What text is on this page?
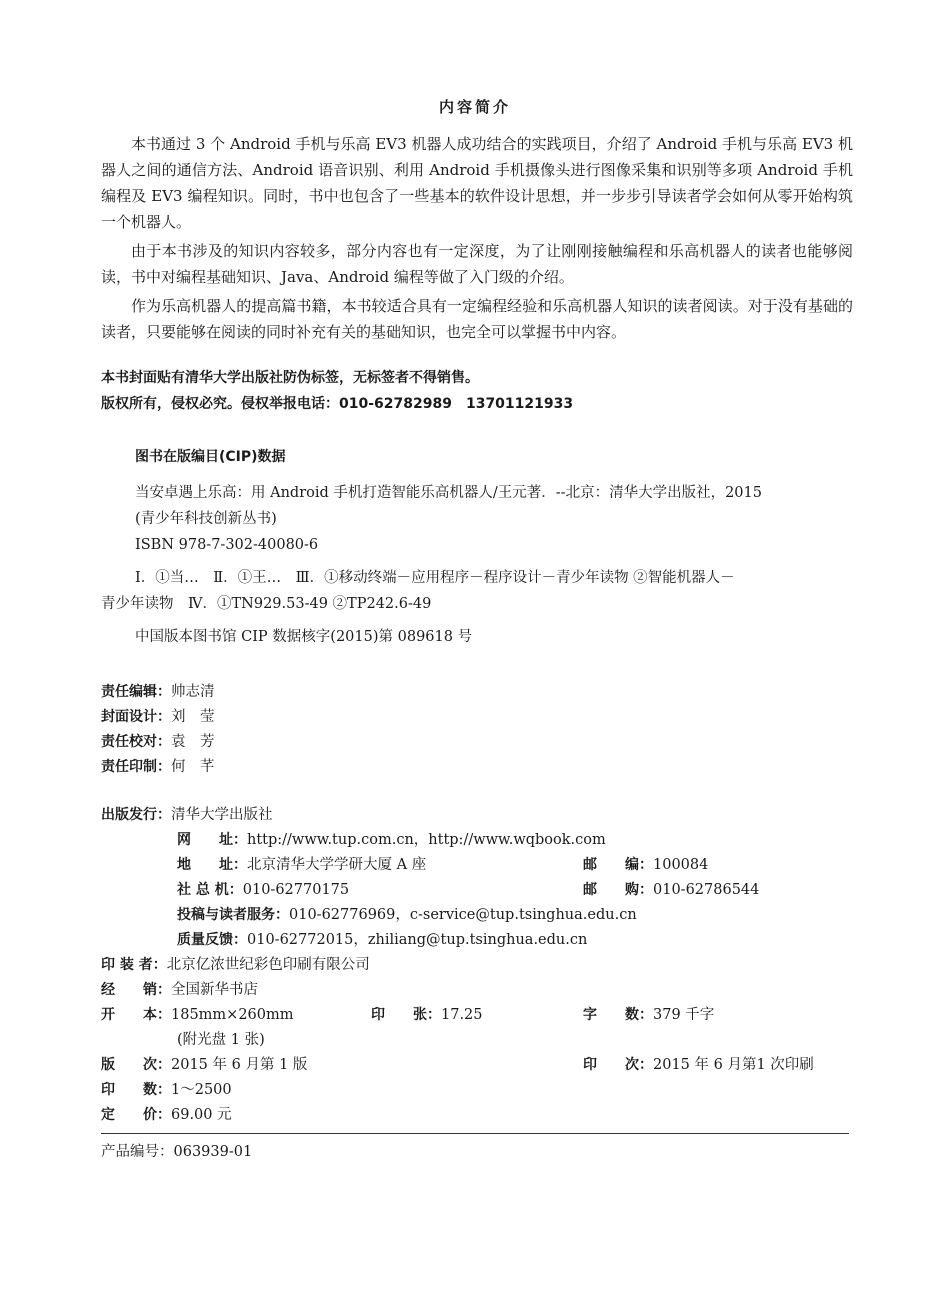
内容简介

本书通过 3 个 Android 手机与乐高 EV3 机器人成功结合的实践项目，介绍了 Android 手机与乐高 EV3 机器人之间的通信方法、Android 语音识别、利用 Android 手机摄像头进行图像采集和识别等多项 Android 手机编程及 EV3 编程知识。同时，书中也包含了一些基本的软件设计思想，并一步步引导读者学会如何从零开始构筑一个机器人。

由于本书涉及的知识内容较多，部分内容也有一定深度，为了让刚刚接触编程和乐高机器人的读者也能够阅读，书中对编程基础知识、Java、Android 编程等做了入门级的介绍。

作为乐高机器人的提高篇书籍，本书较适合具有一定编程经验和乐高机器人知识的读者阅读。对于没有基础的读者，只要能够在阅读的同时补充有关的基础知识，也完全可以掌握书中内容。

本书封面贴有清华大学出版社防伪标签，无标签者不得销售。
版权所有，侵权必究。侵权举报电话：010-62782989　13701121933
图书在版编目(CIP)数据
当安卓遇上乐高：用 Android 手机打造智能乐高机器人/王元著．--北京：清华大学出版社，2015
(青少年科技创新丛书)
ISBN 978-7-302-40080-6
Ⅰ．①当…　Ⅱ．①王…　Ⅲ．①移动终端－应用程序－程序设计－青少年读物 ②智能机器人－
青少年读物　Ⅳ．①TN929.53-49 ②TP242.6-49
中国版本图书馆 CIP 数据核字(2015)第 089618 号
责任编辑 ： 帅志清
封面设计 ： 刘　莹
责任校对 ： 袁　芳
责任印制 ： 何　芊
出版发行 ： 清华大学出版社
网　　址 ： http://www.tup.com.cn，http://www.wqbook.com
地　　址 ： 北京清华大学学研大厦 A 座	邮　　编 ： 100084
社 总 机 ： 010-62770175	邮　　购 ： 010-62786544
投稿与读者服务 ： 010-62776969，c-service@tup.tsinghua.edu.cn
质量反馈 ： 010-62772015，zhiliang@tup.tsinghua.edu.cn
印 装 者 ： 北京亿浓世纪彩色印刷有限公司
经　　销 ： 全国新华书店
开　　本 ： 185mm×260mm	印　　张 ： 17.25	字　　数 ： 379 千字
(附光盘 1 张)
版　　次 ： 2015 年 6 月第 1 版	印　　次 ： 2015 年 6 月第1 次印刷
印　　数 ： 1～2500
定　　价 ： 69.00 元
产品编号：063939-01
